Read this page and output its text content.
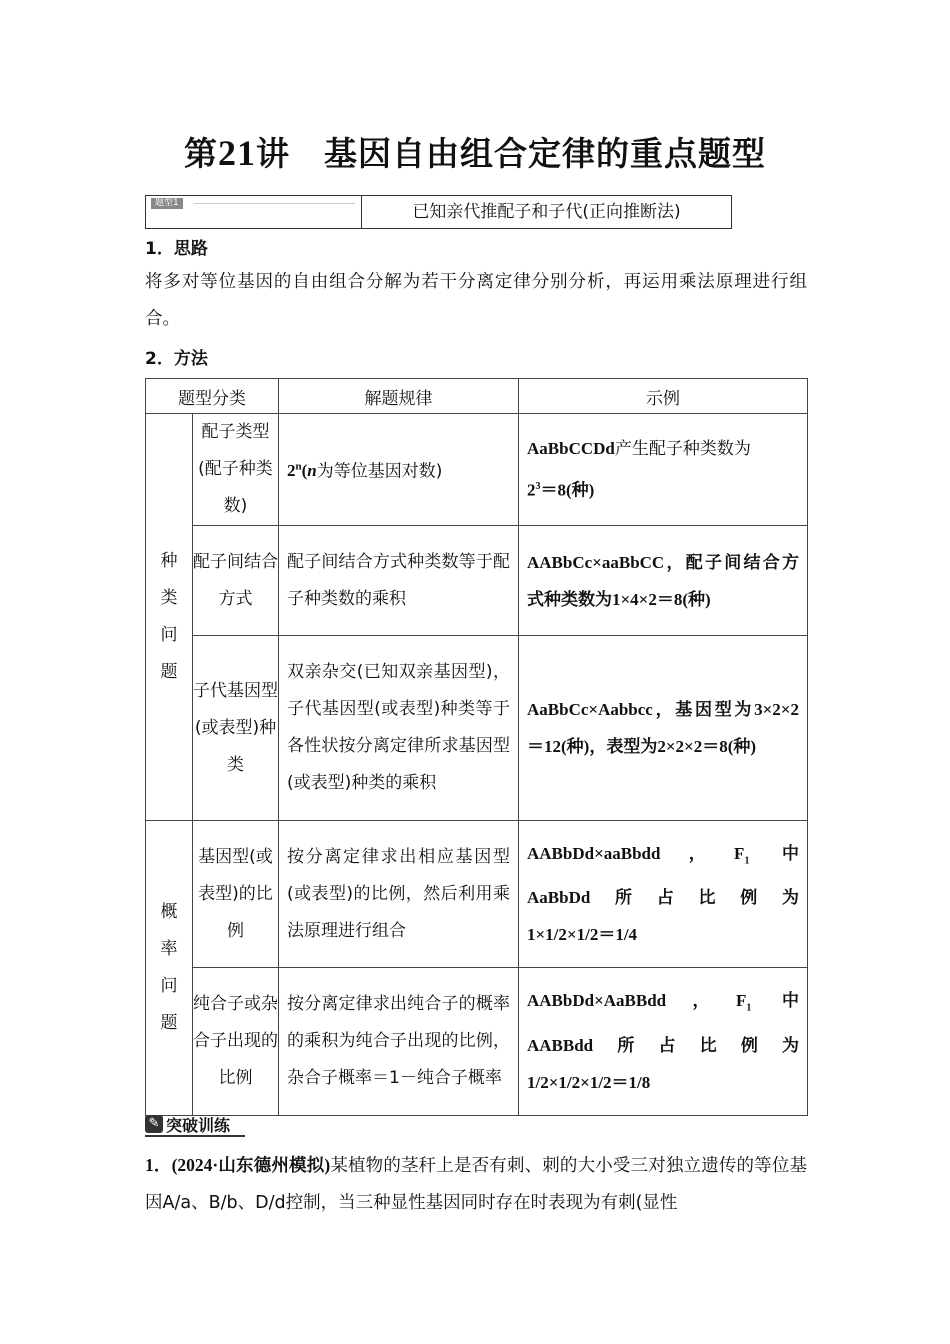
第21讲　基因自由组合定律的重点题型
题型1	已知亲代推配子和子代(正向推断法)
1．思路
将多对等位基因的自由组合分解为若干分离定律分别分析，再运用乘法原理进行组合。
2．方法
题型分类		解题规律	示例

种类问题	配子类型(配子种类数)	2$^n$(n为等位基因对数)	AaBbCCDd产生配子种类数为
$2^3=8$(种)
	配子间结合方式	配子间结合方式种类数等于配子种类数的乘积	AABbCc×aaBbCC，配子间结合方式种类数为1×4×2＝8(种)
	子代基因型(或表型)种类	双亲杂交(已知双亲基因型)，子代基因型(或表型)种类等于各性状按分离定律所求基因型(或表型)种类的乘积	AaBbCc×Aabbcc，基因型为3×2×2＝12(种)，表型为2×2×2＝8(种)

概率问题	基因型(或表型)的比例	按分离定律求出相应基因型(或表型)的比例，然后利用乘法原理进行组合	AABbDd×aaBbdd，$F_1$ 中
AaBbDd所占比例为
1×1/2×1/2＝1/4

	纯合子或杂合子出现的比例	按分离定律求出纯合子的概率的乘积为纯合子出现的比例，杂合子概率＝1－纯合子概率	AABbDd×AaBBdd，$F_1$ 中
AABBdd所占比例为
1/2×1/2×1/2＝1/8
✎ 突破训练
1．(2024·山东德州模拟)某植物的茎秆上是否有刺、刺的大小受三对独立遗传的等位基因A/a、B/b、D/d控制，当三种显性基因同时存在时表现为有刺(显性
